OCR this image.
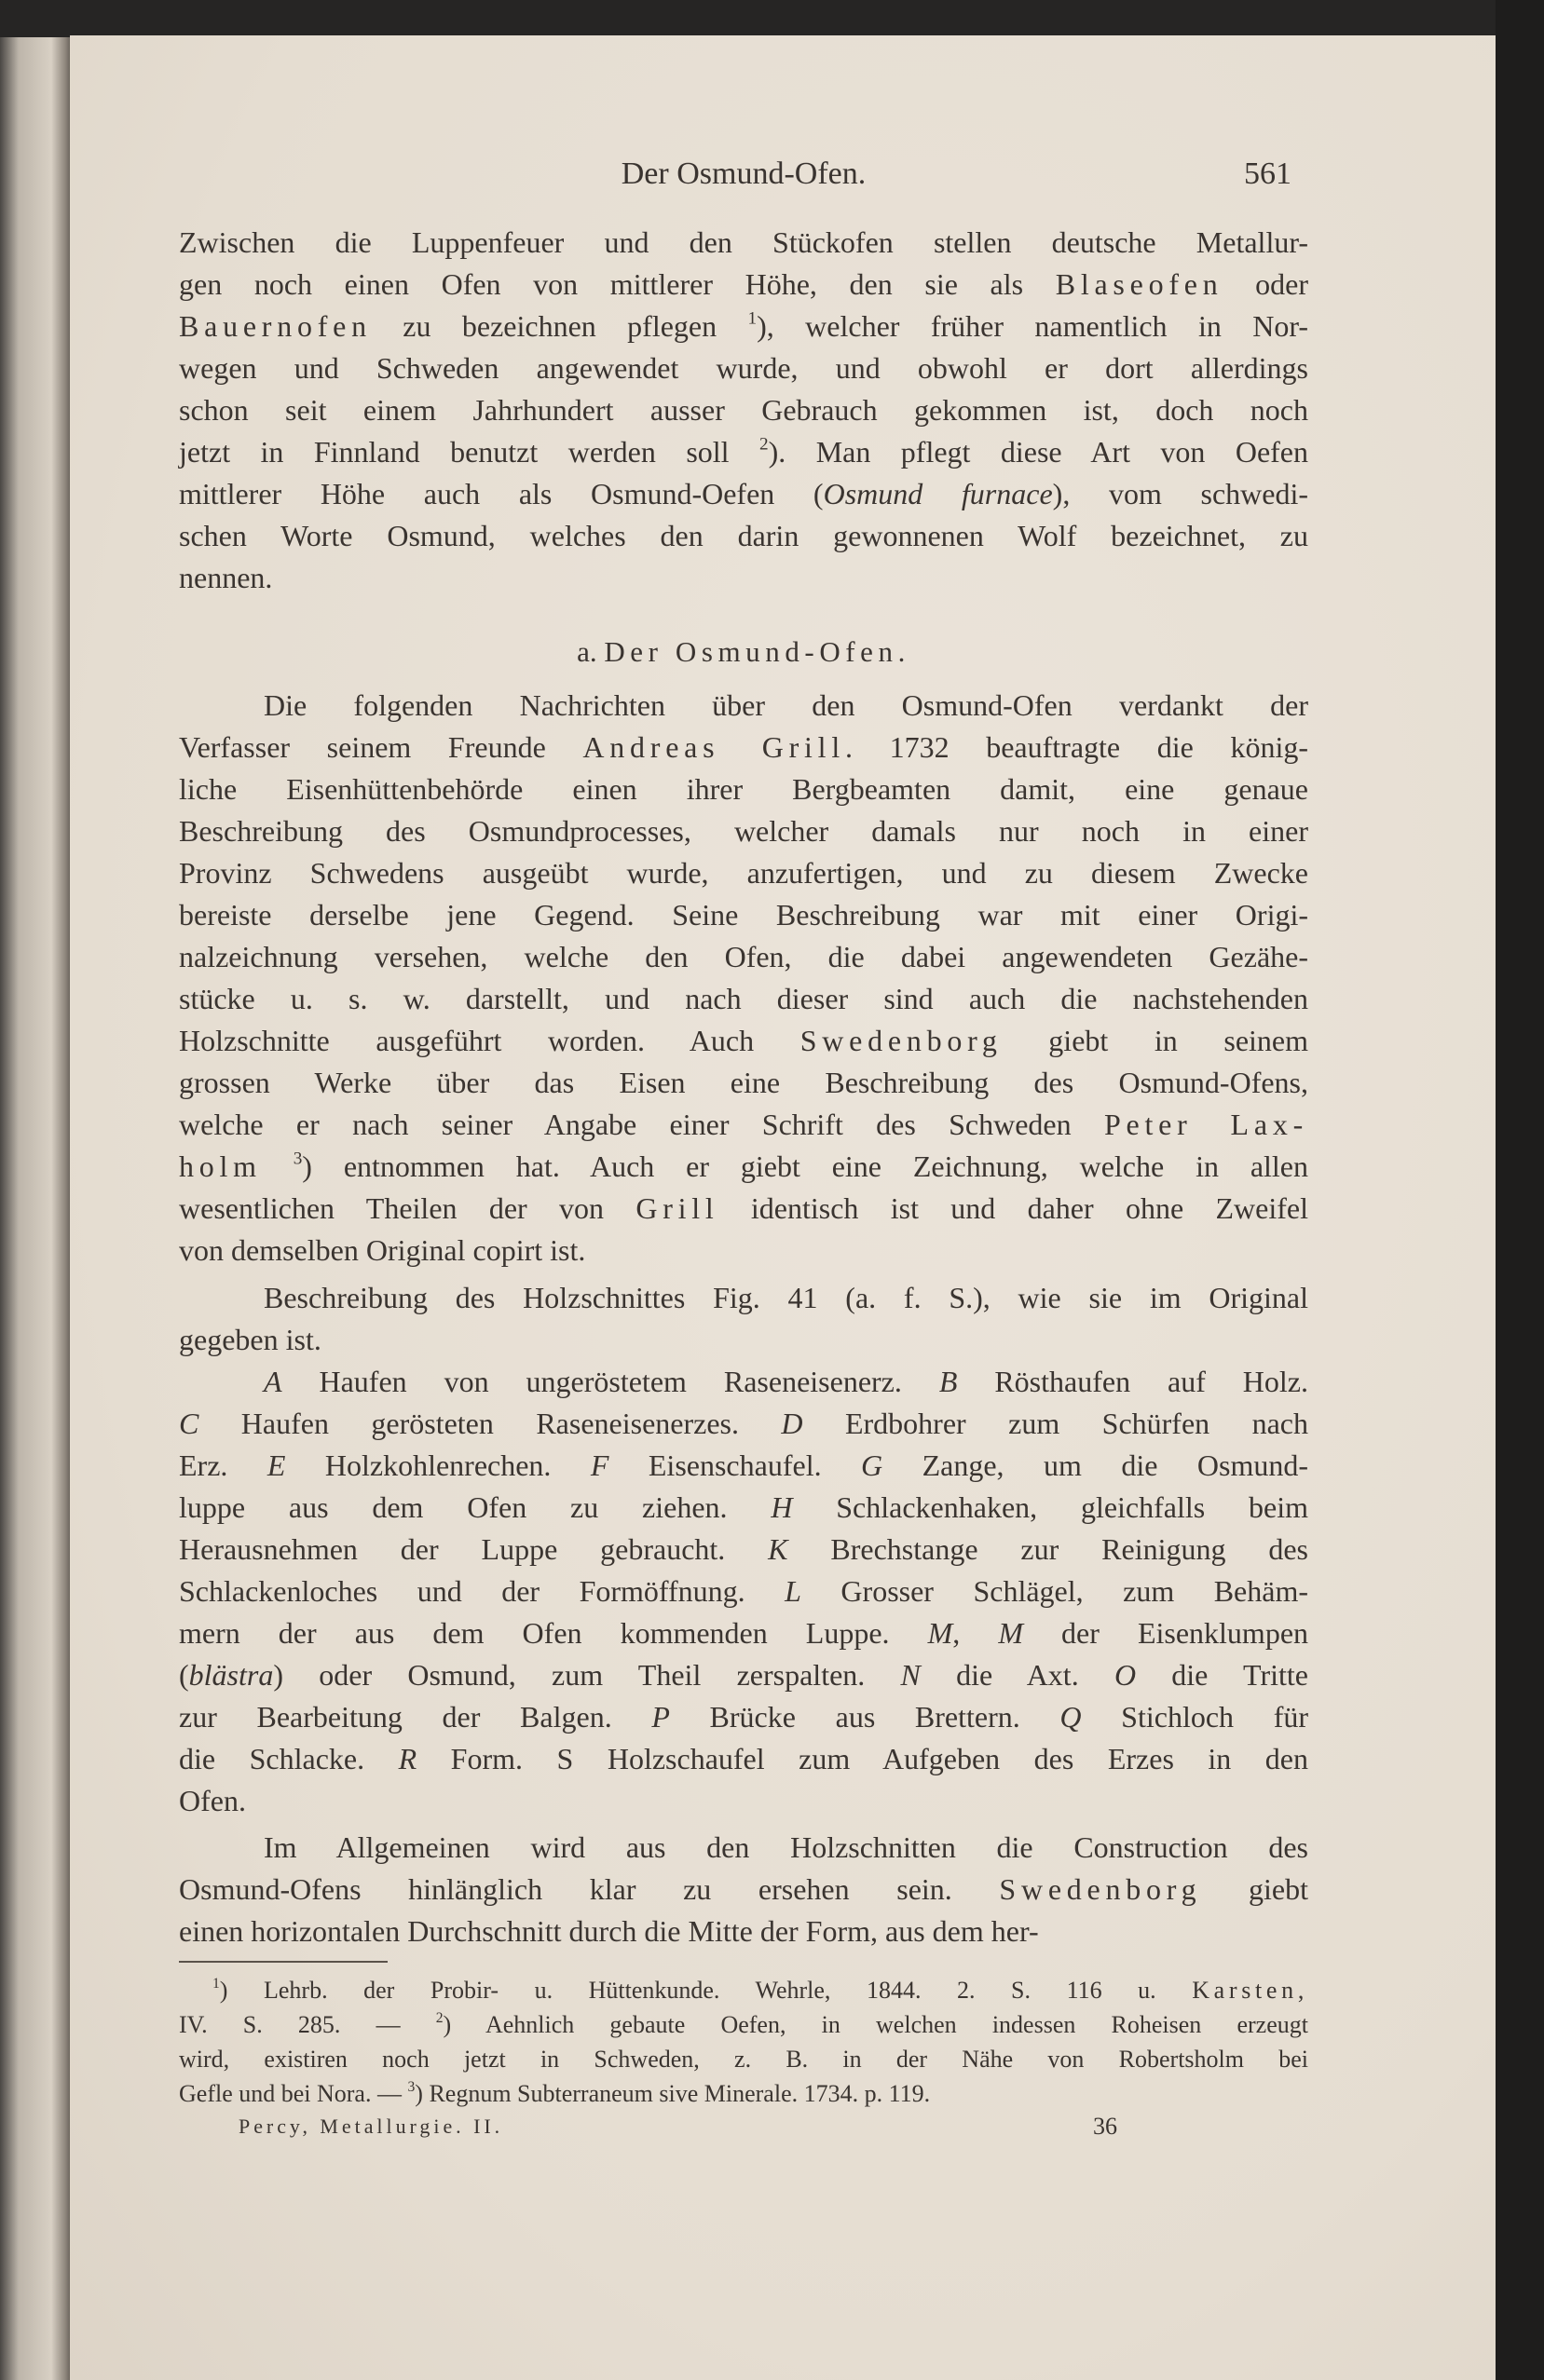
Der Osmund-Ofen.	561
Zwischen die Luppenfeuer und den Stückofen stellen deutsche Metallur-
gen noch einen Ofen von mittlerer Höhe, den sie als Blaseofen oder
Bauernofen zu bezeichnen pflegen $^1$), welcher früher namentlich in Nor-
wegen und Schweden angewendet wurde, und obwohl er dort allerdings
schon seit einem Jahrhundert ausser Gebrauch gekommen ist, doch noch
jetzt in Finnland benutzt werden soll $^2$). Man pflegt diese Art von Oefen
mittlerer Höhe auch als Osmund-Oefen (Osmund furnace), vom schwedi-
schen Worte Osmund, welches den darin gewonnenen Wolf bezeichnet, zu
nennen.
a. Der Osmund-Ofen.
Die folgenden Nachrichten über den Osmund-Ofen verdankt der
Verfasser seinem Freunde Andreas Grill. 1732 beauftragte die könig-
liche Eisenhüttenbehörde einen ihrer Bergbeamten damit, eine genaue
Beschreibung des Osmundprocesses, welcher damals nur noch in einer
Provinz Schwedens ausgeübt wurde, anzufertigen, und zu diesem Zwecke
bereiste derselbe jene Gegend. Seine Beschreibung war mit einer Origi-
nalzeichnung versehen, welche den Ofen, die dabei angewendeten Gezähe-
stücke u. s. w. darstellt, und nach dieser sind auch die nachstehenden
Holzschnitte ausgeführt worden. Auch Swedenborg giebt in seinem
grossen Werke über das Eisen eine Beschreibung des Osmund-Ofens,
welche er nach seiner Angabe einer Schrift des Schweden Peter Lax-
holm $^3$) entnommen hat. Auch er giebt eine Zeichnung, welche in allen
wesentlichen Theilen der von Grill identisch ist und daher ohne Zweifel
von demselben Original copirt ist.
Beschreibung des Holzschnittes Fig. 41 (a. f. S.), wie sie im Original
gegeben ist.
A Haufen von ungeröstetem Raseneisenerz. B Rösthaufen auf Holz.
C Haufen gerösteten Raseneisenerzes. D Erdbohrer zum Schürfen nach
Erz. E Holzkohlenrechen. F Eisenschaufel. G Zange, um die Osmund-
luppe aus dem Ofen zu ziehen. H Schlackenhaken, gleichfalls beim
Herausnehmen der Luppe gebraucht. K Brechstange zur Reinigung des
Schlackenloches und der Formöffnung. L Grosser Schlägel, zum Behäm-
mern der aus dem Ofen kommenden Luppe. M, M der Eisenklumpen
(blästra) oder Osmund, zum Theil zerspalten. N die Axt. O die Tritte
zur Bearbeitung der Balgen. P Brücke aus Brettern. Q Stichloch für
die Schlacke. R Form. S Holzschaufel zum Aufgeben des Erzes in den
Ofen.
Im Allgemeinen wird aus den Holzschnitten die Construction des
Osmund-Ofens hinlänglich klar zu ersehen sein. Swedenborg giebt
einen horizontalen Durchschnitt durch die Mitte der Form, aus dem her-
$^1$) Lehrb. der Probir- u. Hüttenkunde. Wehrle, 1844. 2. S. 116 u. Karsten,
IV. S. 285. — $^2$) Aehnlich gebaute Oefen, in welchen indessen Roheisen erzeugt
wird, existiren noch jetzt in Schweden, z. B. in der Nähe von Robertsholm bei
Gefle und bei Nora. — $^3$) Regnum Subterraneum sive Minerale. 1734. p. 119.
Percy, Metallurgie. II.	36
